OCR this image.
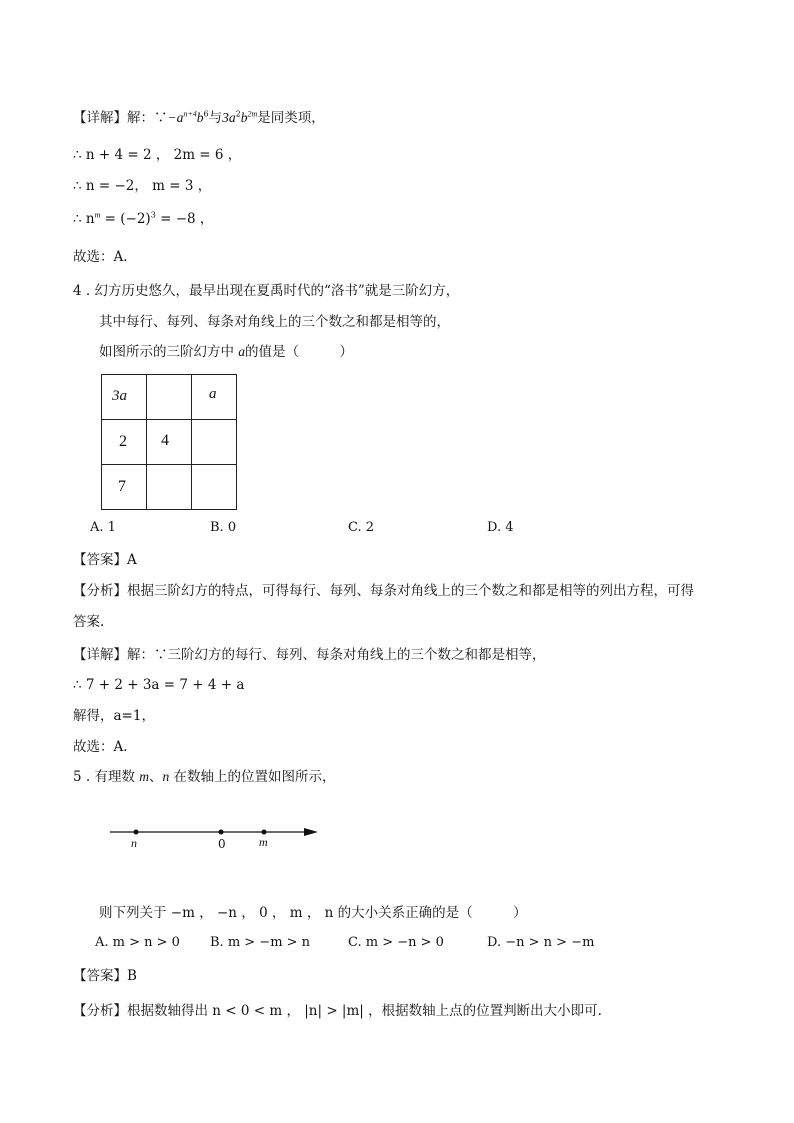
【详解】解：$\because-a^{n+4}b^6$与$3a^2b^{2m}$是同类项，
∴ n + 4 = 2 ， 2m = 6 ，
∴ n = −2， m = 3 ，
∴ $n^m = (-2)^3 = -8$ ，
故选：A.
4 . 幻方历史悠久，最早出现在夏禹时代的“洛书”就是三阶幻方，
其中每行、每列、每条对角线上的三个数之和都是相等的，
如图所示的三阶幻方中 a的值是（　　　）
3a		a

2	4	

7		

A. 1	B. 0	C. 2	D. 4
【答案】A
【分析】根据三阶幻方的特点，可得每行、每列、每条对角线上的三个数之和都是相等的列出方程，可得
答案.
【详解】解：∵三阶幻方的每行、每列、每条对角线上的三个数之和都是相等，
∴ 7 + 2 + 3a = 7 + 4 + a
解得，a=1，
故选：A.
5 . 有理数 m、n 在数轴上的位置如图所示，
n	0	m
则下列关于 −m ， −n ， 0 ， m ， n 的大小关系正确的是（　　　）
A. m > n > 0 B. m > −m > n	C. m > −n > 0	D. −n > n > −m
【答案】B
【分析】根据数轴得出 n < 0 < m ， |n| > |m| ，根据数轴上点的位置判断出大小即可.
